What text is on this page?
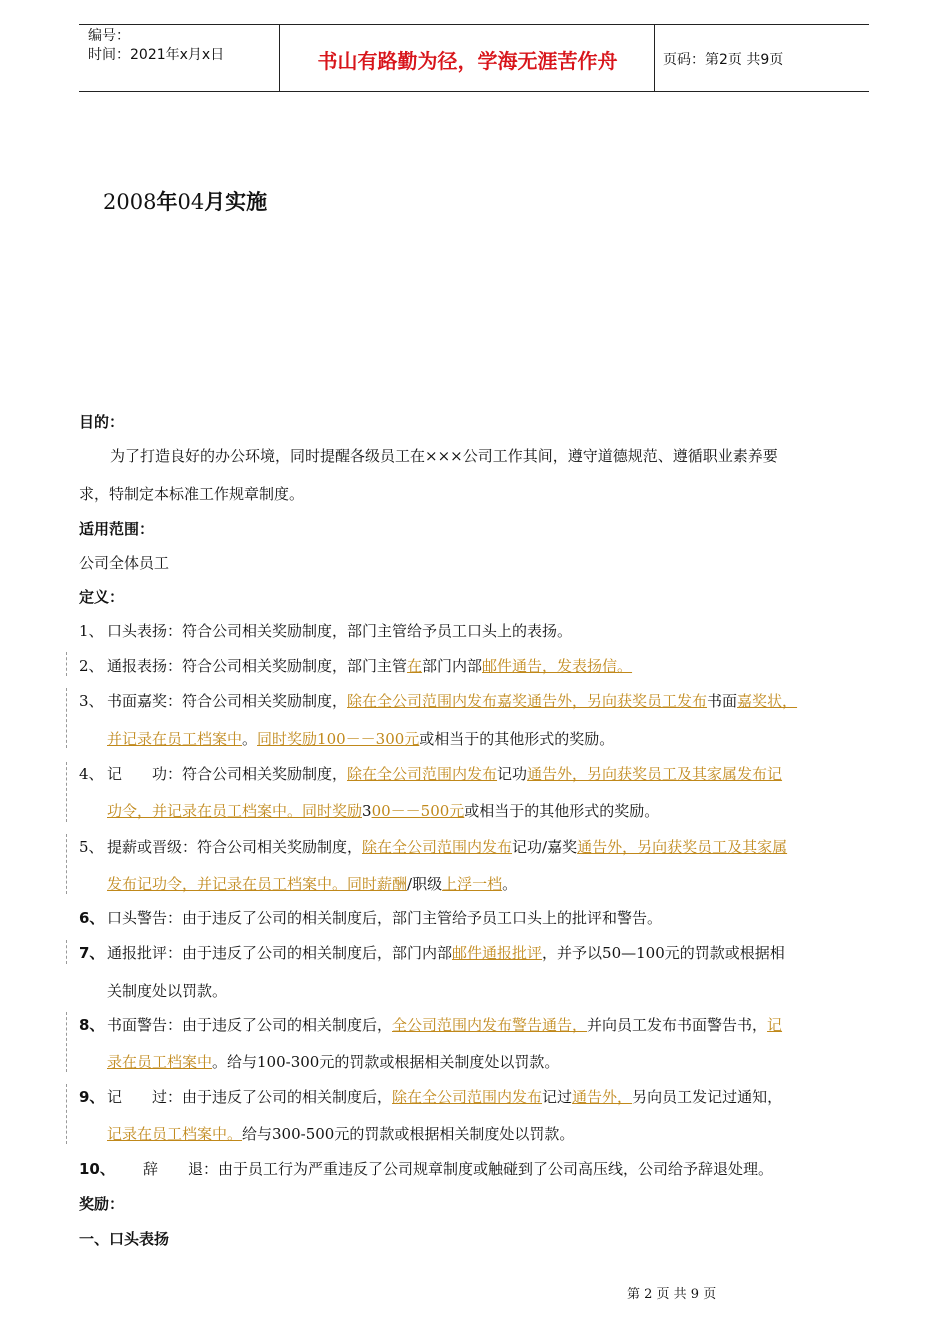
编号：
时间：2021年x月x日	书山有路勤为径，学海无涯苦作舟	页码：第2页 共9页
2008年04月实施
目的：
为了打造良好的办公环境，同时提醒各级员工在×××公司工作其间，遵守道德规范、遵循职业素养要
求，特制定本标准工作规章制度。
适用范围：
公司全体员工
定义：
1、 口头表扬：符合公司相关奖励制度，部门主管给予员工口头上的表扬。
2、 通报表扬：符合公司相关奖励制度，部门主管在部门内部邮件通告，发表扬信。
3、 书面嘉奖：符合公司相关奖励制度，除在全公司范围内发布嘉奖通告外，另向获奖员工发布书面嘉奖状，
并记录在员工档案中。同时奖励100－－300元或相当于的其他形式的奖励。
4、 记　　功：符合公司相关奖励制度，除在全公司范围内发布记功通告外，另向获奖员工及其家属发布记
功令，并记录在员工档案中。同时奖励300－－500元或相当于的其他形式的奖励。
5、 提薪或晋级：符合公司相关奖励制度，除在全公司范围内发布记功/嘉奖通告外，另向获奖员工及其家属
发布记功令，并记录在员工档案中。同时薪酬/职级上浮一档。
6、 口头警告：由于违反了公司的相关制度后，部门主管给予员工口头上的批评和警告。
7、 通报批评：由于违反了公司的相关制度后，部门内部邮件通报批评，并予以50—100元的罚款或根据相
关制度处以罚款。
8、 书面警告：由于违反了公司的相关制度后，全公司范围内发布警告通告，并向员工发布书面警告书，记
录在员工档案中。给与100-300元的罚款或根据相关制度处以罚款。
9、 记　　过：由于违反了公司的相关制度后，除在全公司范围内发布记过通告外，另向员工发记过通知，
记录在员工档案中。给与300-500元的罚款或根据相关制度处以罚款。
10、 辞　　退：由于员工行为严重违反了公司规章制度或触碰到了公司高压线，公司给予辞退处理。
奖励：
一、口头表扬
第 2 页 共 9 页
